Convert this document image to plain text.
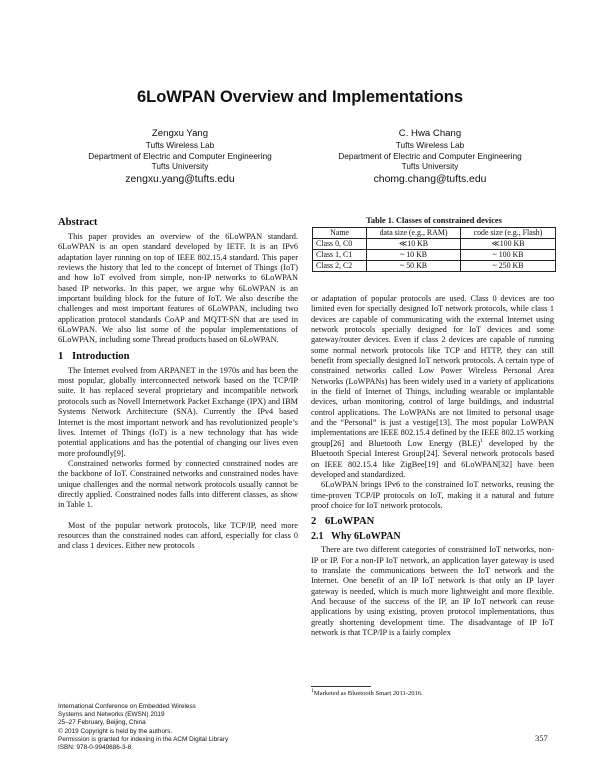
6LoWPAN Overview and Implementations
Zengxu Yang
Tufts Wireless Lab
Department of Electric and Computer Engineering
Tufts University
zengxu.yang@tufts.edu
C. Hwa Chang
Tufts Wireless Lab
Department of Electric and Computer Engineering
Tufts University
chomg.chang@tufts.edu
Abstract

This paper provides an overview of the 6LoWPAN standard. 6LoWPAN is an open standard developed by IETF. It is an IPv6 adaptation layer running on top of IEEE 802.15.4 standard. This paper reviews the history that led to the concept of Internet of Things (IoT) and how IoT evolved from simple, non-IP networks to 6LoWPAN based IP networks. In this paper, we argue why 6LoWPAN is an important building block for the future of IoT. We also describe the challenges and most important features of 6LoWPAN, including two application protocol standards CoAP and MQTT-SN that are used in 6LoWPAN. We also list some of the popular implementations of 6LoWPAN, including some Thread products based on 6LoWPAN.

1 Introduction

The Internet evolved from ARPANET in the 1970s and has been the most popular, globally interconnected network based on the TCP/IP suite. It has replaced several proprietary and incompatible network protocols such as Novell Internetwork Packet Exchange (IPX) and IBM Systems Network Architecture (SNA). Currently the IPv4 based Internet is the most important network and has revolutionized people’s lives. Internet of Things (IoT) is a new technology that has wide potential applications and has the potential of changing our lives even more profoundly[9].

Constrained networks formed by connected constrained nodes are the backbone of IoT. Constrained networks and constrained nodes have unique challenges and the normal network protocols usually cannot be directly applied. Constrained nodes falls into different classes, as show in Table 1.

Most of the popular network protocols, like TCP/IP, need more resources than the constrained nodes can afford, especially for class 0 and class 1 devices. Either new protocols

Table 1. Classes of constrained devices
Name	data size (e.g., RAM)	code size (e.g., Flash)
Class 0, C0	≪10 KB	≪100 KB
Class 1, C1	~ 10 KB	~ 100 KB
Class 2, C2	~ 50 KB	~ 250 KB

or adaptation of popular protocols are used. Class 0 devices are too limited even for specially designed IoT network protocols, while class 1 devices are capable of communicating with the external Internet using network protocols specially designed for IoT devices and some gateway/router devices. Even if class 2 devices are capable of running some normal network protocols like TCP and HTTP, they can still benefit from specially designed IoT network protocols. A certain type of constrained networks called Low Power Wireless Personal Area Networks (LoWPANs) has been widely used in a variety of applications in the field of Internet of Things, including wearable or implantable devices, urban monitoring, control of large buildings, and industrial control applications. The LoWPANs are not limited to personal usage and the “Personal” is just a vestige[13]. The most popular LoWPAN implementations are IEEE 802.15.4 defined by the IEEE 802.15 working group[26] and Bluetooth Low Energy (BLE)$^1$ developed by the Bluetooth Special Interest Group[24]. Several network protocols based on IEEE 802.15.4 like ZigBee[19] and 6LoWPAN[32] have been developed and standardized.

6LoWPAN brings IPv6 to the constrained IoT networks, reusing the time-proven TCP/IP protocols on IoT, making it a natural and future proof choice for IoT network protocols.

2 6LoWPAN
2.1 Why 6LoWPAN

There are two different categories of constrained IoT networks, non-IP or IP. For a non-IP IoT network, an application layer gateway is used to translate the communications between the IoT network and the Internet. One benefit of an IP IoT network is that only an IP layer gateway is needed, which is much more lightweight and more flexible. And because of the success of the IP, an IP IoT network can reuse applications by using existing, proven protocol implementations, thus greatly shortening development time. The disadvantage of IP IoT network is that TCP/IP is a fairly complex

$^1$Marketed as Bluetooth Smart 2011-2016.
International Conference on Embedded Wireless
Systems and Networks (EWSN) 2019
25–27 February, Beijing, China
© 2019 Copyright is held by the authors.
Permission is granted for indexing in the ACM Digital Library
ISBN: 978-0-9949886-3-8
357
